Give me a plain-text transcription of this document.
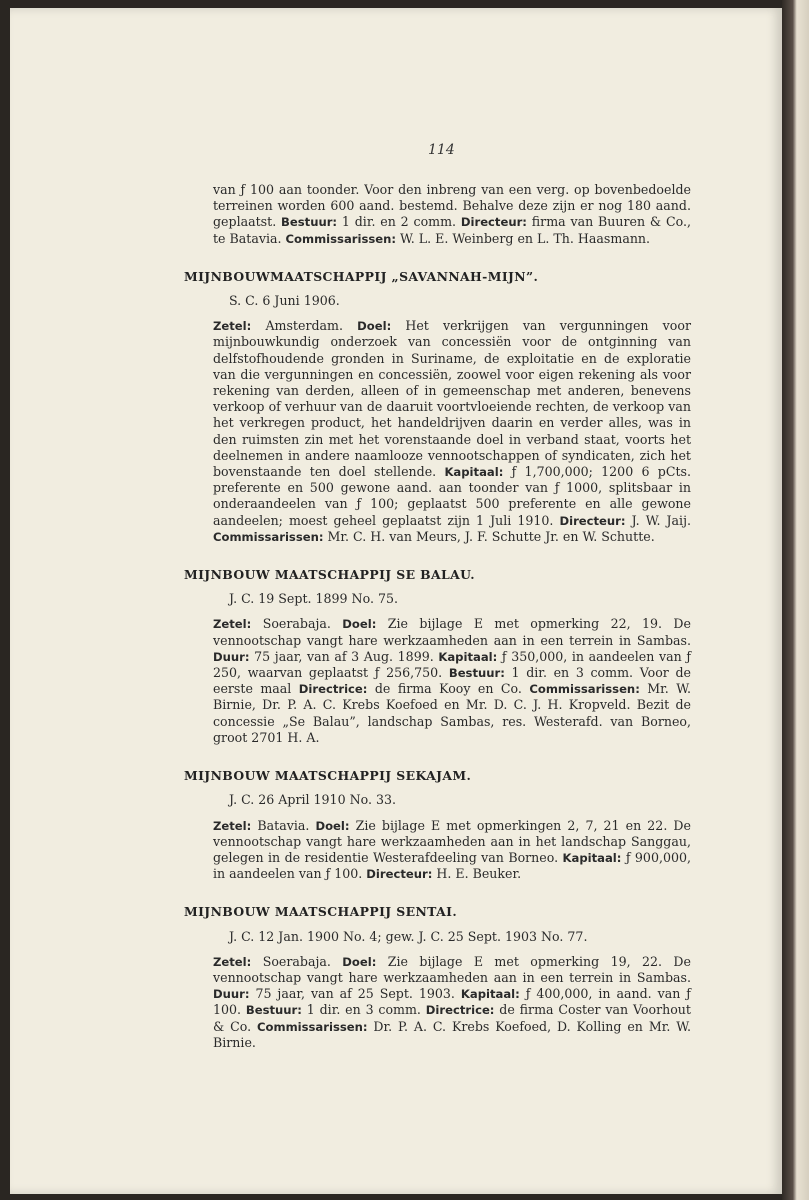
114

van ƒ 100 aan toonder. Voor den inbreng van een verg. op bovenbedoelde terreinen worden 600 aand. bestemd. Behalve deze zijn er nog 180 aand. geplaatst. Bestuur: 1 dir. en 2 comm. Directeur: firma van Buuren & Co., te Batavia. Commissarissen: W. L. E. Weinberg en L. Th. Haasmann.

MIJNBOUWMAATSCHAPPIJ „SAVANNAH-MIJN”.
S. C. 6 Juni 1906.

Zetel: Amsterdam. Doel: Het verkrijgen van vergunningen voor mijnbouwkundig onderzoek van concessiën voor de ontginning van delfstofhoudende gronden in Suriname, de exploitatie en de exploratie van die vergunningen en concessiën, zoowel voor eigen rekening als voor rekening van derden, alleen of in gemeenschap met anderen, benevens verkoop of verhuur van de daaruit voortvloeiende rechten, de verkoop van het verkregen product, het handeldrijven daarin en verder alles, was in den ruimsten zin met het vorenstaande doel in verband staat, voorts het deelnemen in andere naamlooze vennootschappen of syndicaten, zich het bovenstaande ten doel stellende. Kapitaal: ƒ 1,700,000; 1200 6 pCts. preferente en 500 gewone aand. aan toonder van ƒ 1000, splitsbaar in onderaandeelen van ƒ 100; geplaatst 500 preferente en alle gewone aandeelen; moest geheel geplaatst zijn 1 Juli 1910. Directeur: J. W. Jaij. Commissarissen: Mr. C. H. van Meurs, J. F. Schutte Jr. en W. Schutte.

MIJNBOUW MAATSCHAPPIJ SE BALAU.
J. C. 19 Sept. 1899 No. 75.

Zetel: Soerabaja. Doel: Zie bijlage E met opmerking 22, 19. De vennootschap vangt hare werkzaamheden aan in een terrein in Sambas. Duur: 75 jaar, van af 3 Aug. 1899. Kapitaal: ƒ 350,000, in aandeelen van ƒ 250, waarvan geplaatst ƒ 256,750. Bestuur: 1 dir. en 3 comm. Voor de eerste maal Directrice: de firma Kooy en Co. Commissarissen: Mr. W. Birnie, Dr. P. A. C. Krebs Koefoed en Mr. D. C. J. H. Kropveld. Bezit de concessie „Se Balau”, landschap Sambas, res. Westerafd. van Borneo, groot 2701 H. A.

MIJNBOUW MAATSCHAPPIJ SEKAJAM.
J. C. 26 April 1910 No. 33.

Zetel: Batavia. Doel: Zie bijlage E met opmerkingen 2, 7, 21 en 22. De vennootschap vangt hare werkzaamheden aan in het landschap Sanggau, gelegen in de residentie Westerafdeeling van Borneo. Kapitaal: ƒ 900,000, in aandeelen van ƒ 100. Directeur: H. E. Beuker.

MIJNBOUW MAATSCHAPPIJ SENTAI.
J. C. 12 Jan. 1900 No. 4; gew. J. C. 25 Sept. 1903 No. 77.

Zetel: Soerabaja. Doel: Zie bijlage E met opmerking 19, 22. De vennootschap vangt hare werkzaamheden aan in een terrein in Sambas. Duur: 75 jaar, van af 25 Sept. 1903. Kapitaal: ƒ 400,000, in aand. van ƒ 100. Bestuur: 1 dir. en 3 comm. Directrice: de firma Coster van Voorhout & Co. Commissarissen: Dr. P. A. C. Krebs Koefoed, D. Kolling en Mr. W. Birnie.
